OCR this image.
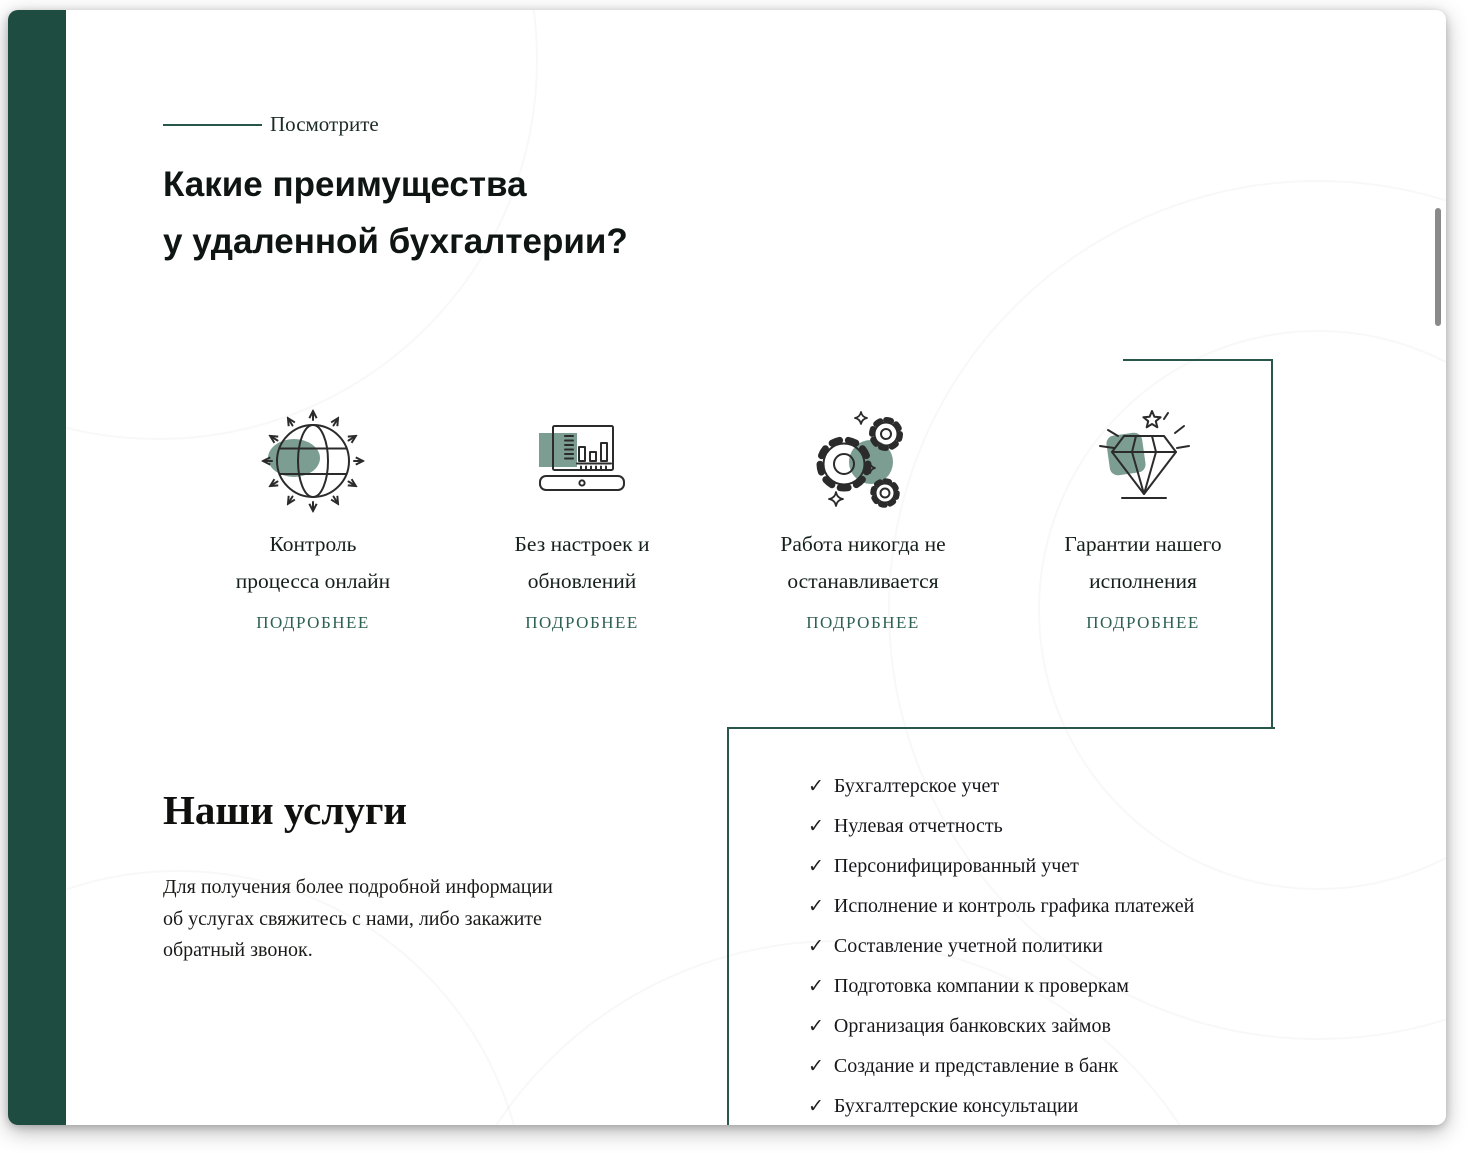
Посмотрите
Какие преимущества
у удаленной бухгалтерии?
Контроль
процесса онлайн
ПОДРОБНЕЕ
Без настроек и
обновлений
ПОДРОБНЕЕ
Работа никогда не
останавливается
ПОДРОБНЕЕ
Гарантии нашего
исполнения
ПОДРОБНЕЕ
Наши услуги

Для получения более подробной информации об услугах свяжитесь с нами, либо закажите обратный звонок.

✓ Бухгалтерское учет
✓ Нулевая отчетность
✓ Персонифицированный учет
✓ Исполнение и контроль графика платежей
✓ Составление учетной политики
✓ Подготовка компании к проверкам
✓ Организация банковских займов
✓ Создание и представление в банк
✓ Бухгалтерские консультации
